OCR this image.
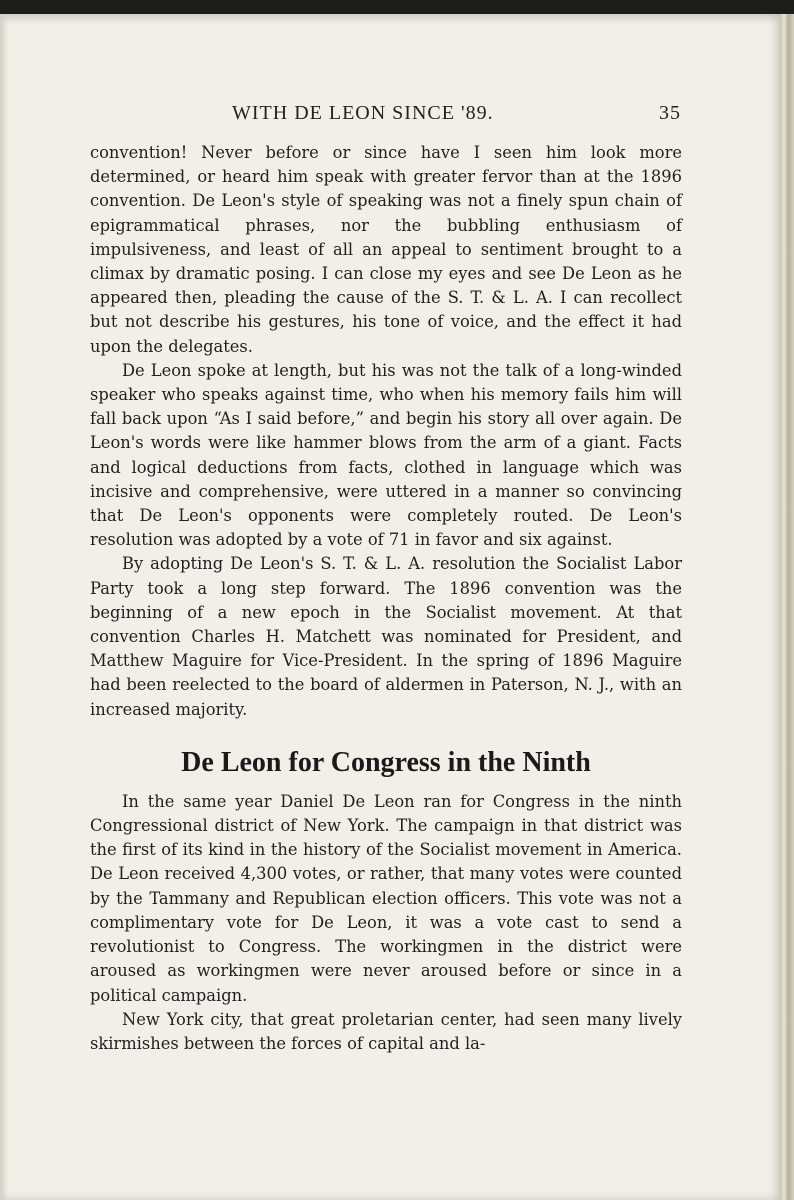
WITH DE LEON SINCE '89.	35

convention! Never before or since have I seen him look more determined, or heard him speak with greater fervor than at the 1896 convention. De Leon's style of speaking was not a finely spun chain of epigrammatical phrases, nor the bubbling enthusiasm of impulsiveness, and least of all an appeal to sentiment brought to a climax by dramatic posing. I can close my eyes and see De Leon as he appeared then, pleading the cause of the S. T. & L. A. I can recollect but not describe his gestures, his tone of voice, and the effect it had upon the delegates.

De Leon spoke at length, but his was not the talk of a long-winded speaker who speaks against time, who when his memory fails him will fall back upon “As I said before,” and begin his story all over again. De Leon's words were like hammer blows from the arm of a giant. Facts and logical deductions from facts, clothed in language which was incisive and comprehensive, were uttered in a manner so convincing that De Leon's opponents were completely routed. De Leon's resolution was adopted by a vote of 71 in favor and six against.

By adopting De Leon's S. T. & L. A. resolution the Socialist Labor Party took a long step forward. The 1896 convention was the beginning of a new epoch in the Socialist movement. At that convention Charles H. Matchett was nominated for President, and Matthew Maguire for Vice-President. In the spring of 1896 Maguire had been reelected to the board of aldermen in Paterson, N. J., with an increased majority.

De Leon for Congress in the Ninth

In the same year Daniel De Leon ran for Congress in the ninth Congressional district of New York. The campaign in that district was the first of its kind in the history of the Socialist movement in America. De Leon received 4,300 votes, or rather, that many votes were counted by the Tammany and Republican election officers. This vote was not a complimentary vote for De Leon, it was a vote cast to send a revolutionist to Congress. The workingmen in the district were aroused as workingmen were never aroused before or since in a political campaign.

New York city, that great proletarian center, had seen many lively skirmishes between the forces of capital and la-
